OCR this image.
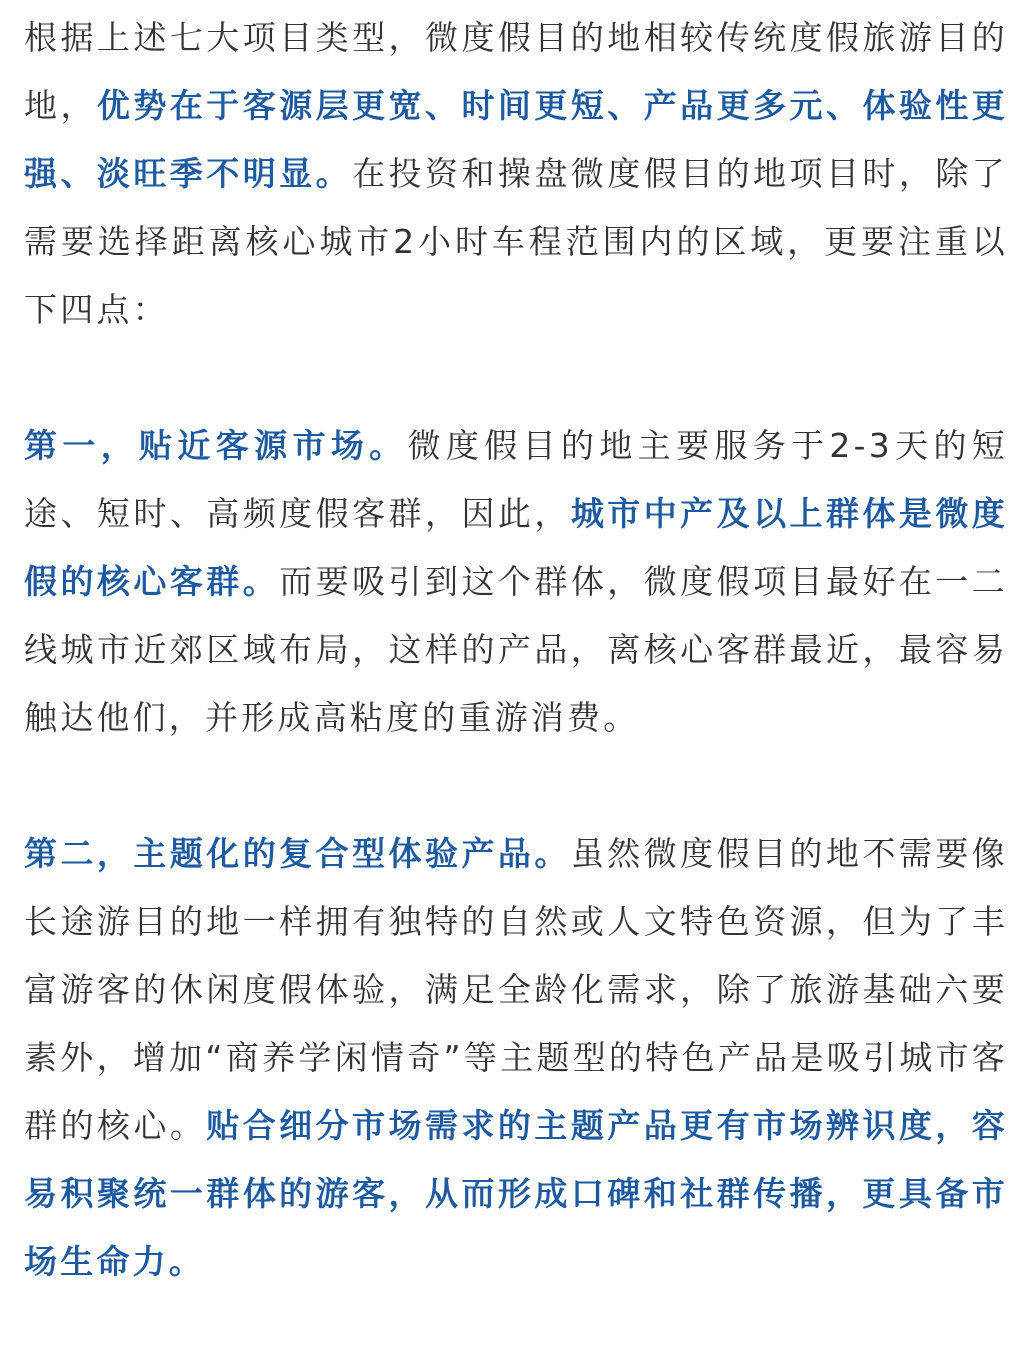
根据上述七大项目类型，微度假目的地相较传统度假旅游目的地，优势在于客源层更宽、时间更短、产品更多元、体验性更强、淡旺季不明显。在投资和操盘微度假目的地项目时，除了需要选择距离核心城市2小时车程范围内的区域，更要注重以下四点：

第一，贴近客源市场。微度假目的地主要服务于2-3天的短途、短时、高频度假客群，因此，城市中产及以上群体是微度假的核心客群。而要吸引到这个群体，微度假项目最好在一二线城市近郊区域布局，这样的产品，离核心客群最近，最容易触达他们，并形成高粘度的重游消费。

第二，主题化的复合型体验产品。虽然微度假目的地不需要像长途游目的地一样拥有独特的自然或人文特色资源，但为了丰富游客的休闲度假体验，满足全龄化需求，除了旅游基础六要素外，增加“商养学闲情奇”等主题型的特色产品是吸引城市客群的核心。贴合细分市场需求的主题产品更有市场辨识度，容易积聚统一群体的游客，从而形成口碑和社群传播，更具备市场生命力。
